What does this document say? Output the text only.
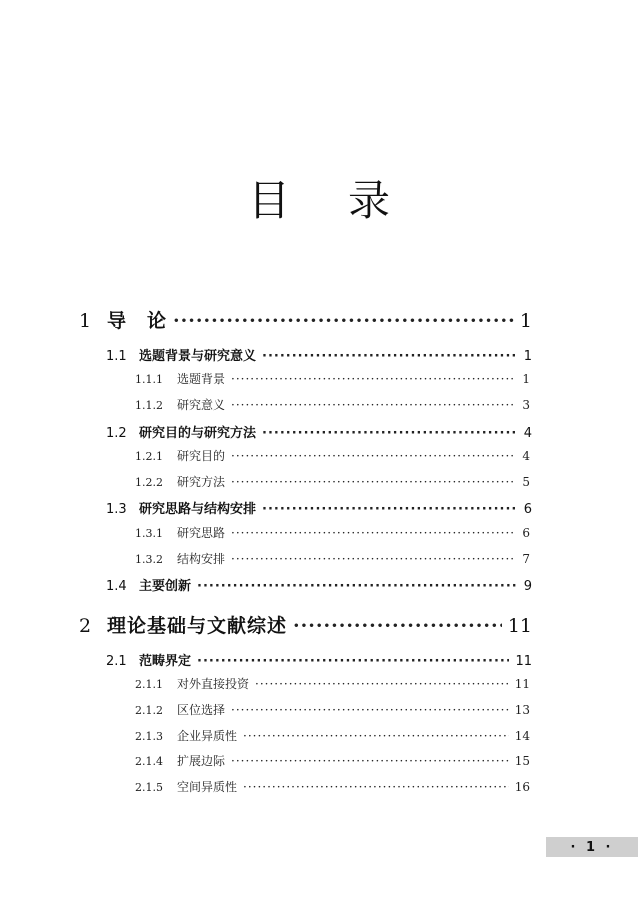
目 录
1 导　论 ·····	1
1.1 选题背景与研究意义 ·····	1
1.1.1 选题背景 ·····	1
1.1.2 研究意义 ·····	3
1.2 研究目的与研究方法 ·····	4
1.2.1 研究目的 ·····	4
1.2.2 研究方法 ·····	5
1.3 研究思路与结构安排 ·····	6
1.3.1 研究思路 ·····	6
1.3.2 结构安排 ·····	7
1.4 主要创新 ·····	9
2 理论基础与文献综述 ·····	11
2.1 范畴界定 ·····	11
2.1.1 对外直接投资 ·····	11
2.1.2 区位选择 ·····	13
2.1.3 企业异质性 ·····	14
2.1.4 扩展边际 ·····	15
2.1.5 空间异质性 ·····	16
· 1 ·
